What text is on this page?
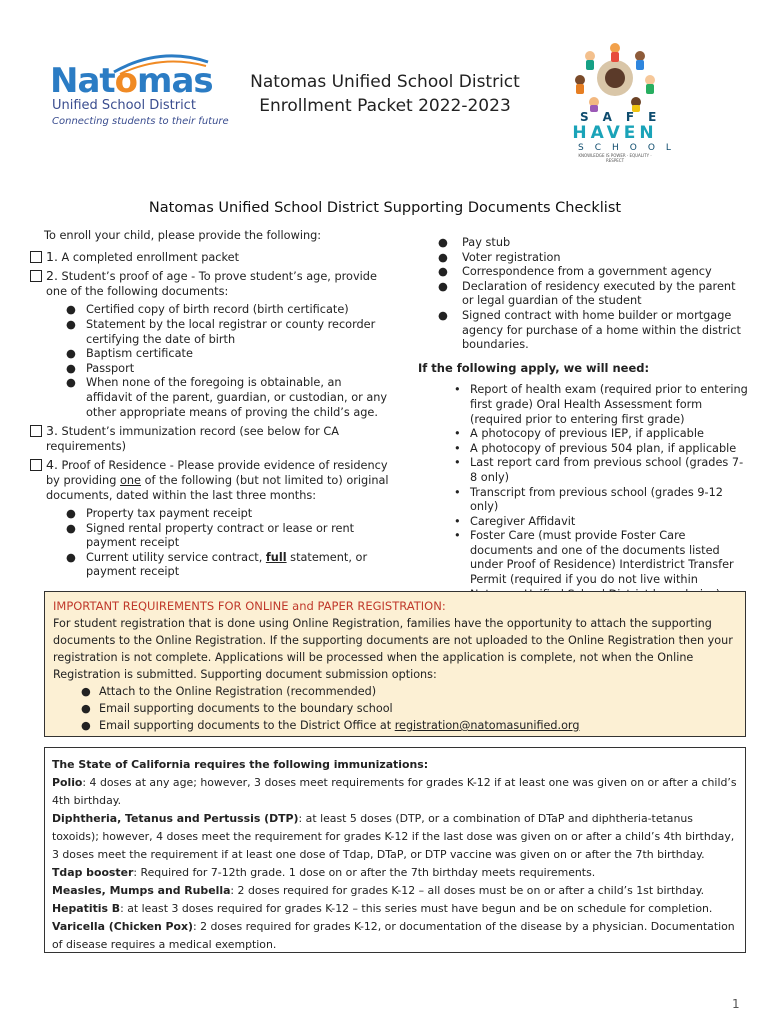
Natomas
Unified School District
Connecting students to their future
Natomas Unified School District
Enrollment Packet 2022-2023
SAFE
HAVEN
SCHOOL
KNOWLEDGE IS POWER · EQUALITY · RESPECT
Natomas Unified School District Supporting Documents Checklist
To enroll your child, please provide the following:
1. A completed enrollment packet
2. Student’s proof of age - To prove student’s age, provide one of the following documents:
● Certified copy of birth record (birth certificate)
● Statement by the local registrar or county recorder certifying the date of birth
● Baptism certificate
● Passport
● When none of the foregoing is obtainable, an affidavit of the parent, guardian, or custodian, or any other appropriate means of proving the child’s age.
3. Student’s immunization record (see below for CA requirements)
4. Proof of Residence - Please provide evidence of residency by providing one of the following (but not limited to) original documents, dated within the last three months:
● Property tax payment receipt
● Signed rental property contract or lease or rent payment receipt
● Current utility service contract, full statement, or payment receipt
● Pay stub
● Voter registration
● Correspondence from a government agency
● Declaration of residency executed by the parent or legal guardian of the student
● Signed contract with home builder or mortgage agency for purchase of a home within the district boundaries.
If the following apply, we will need:
• Report of health exam (required prior to entering first grade) Oral Health Assessment form (required prior to entering first grade)
• A photocopy of previous IEP, if applicable
• A photocopy of previous 504 plan, if applicable
• Last report card from previous school (grades 7-8 only)
• Transcript from previous school (grades 9-12 only)
• Caregiver Affidavit
• Foster Care (must provide Foster Care documents and one of the documents listed under Proof of Residence) Interdistrict Transfer Permit (required if you do not live within
IMPORTANT REQUIREMENTS FOR ONLINE and PAPER REGISTRATION:
For student registration that is done using Online Registration, families have the opportunity to attach the supporting documents to the Online Registration. If the supporting documents are not uploaded to the Online Registration then your registration is not complete. Applications will be processed when the application is complete, not when the Online Registration is submitted. Supporting document submission options:
● Attach to the Online Registration (recommended)
● Email supporting documents to the boundary school
● Email supporting documents to the District Office at registration@natomasunified.org
The State of California requires the following immunizations:
Polio: 4 doses at any age; however, 3 doses meet requirements for grades K-12 if at least one was given on or after a child’s 4th birthday.
Diphtheria, Tetanus and Pertussis (DTP): at least 5 doses (DTP, or a combination of DTaP and diphtheria-tetanus toxoids); however, 4 doses meet the requirement for grades K-12 if the last dose was given on or after a child’s 4th birthday, 3 doses meet the requirement if at least one dose of Tdap, DTaP, or DTP vaccine was given on or after the 7th birthday.
Tdap booster: Required for 7-12th grade. 1 dose on or after the 7th birthday meets requirements.
Measles, Mumps and Rubella: 2 doses required for grades K-12 – all doses must be on or after a child’s 1st birthday.
Hepatitis B: at least 3 doses required for grades K-12 – this series must have begun and be on schedule for completion.
Varicella (Chicken Pox): 2 doses required for grades K-12, or documentation of the disease by a physician. Documentation of disease requires a medical exemption.
1
